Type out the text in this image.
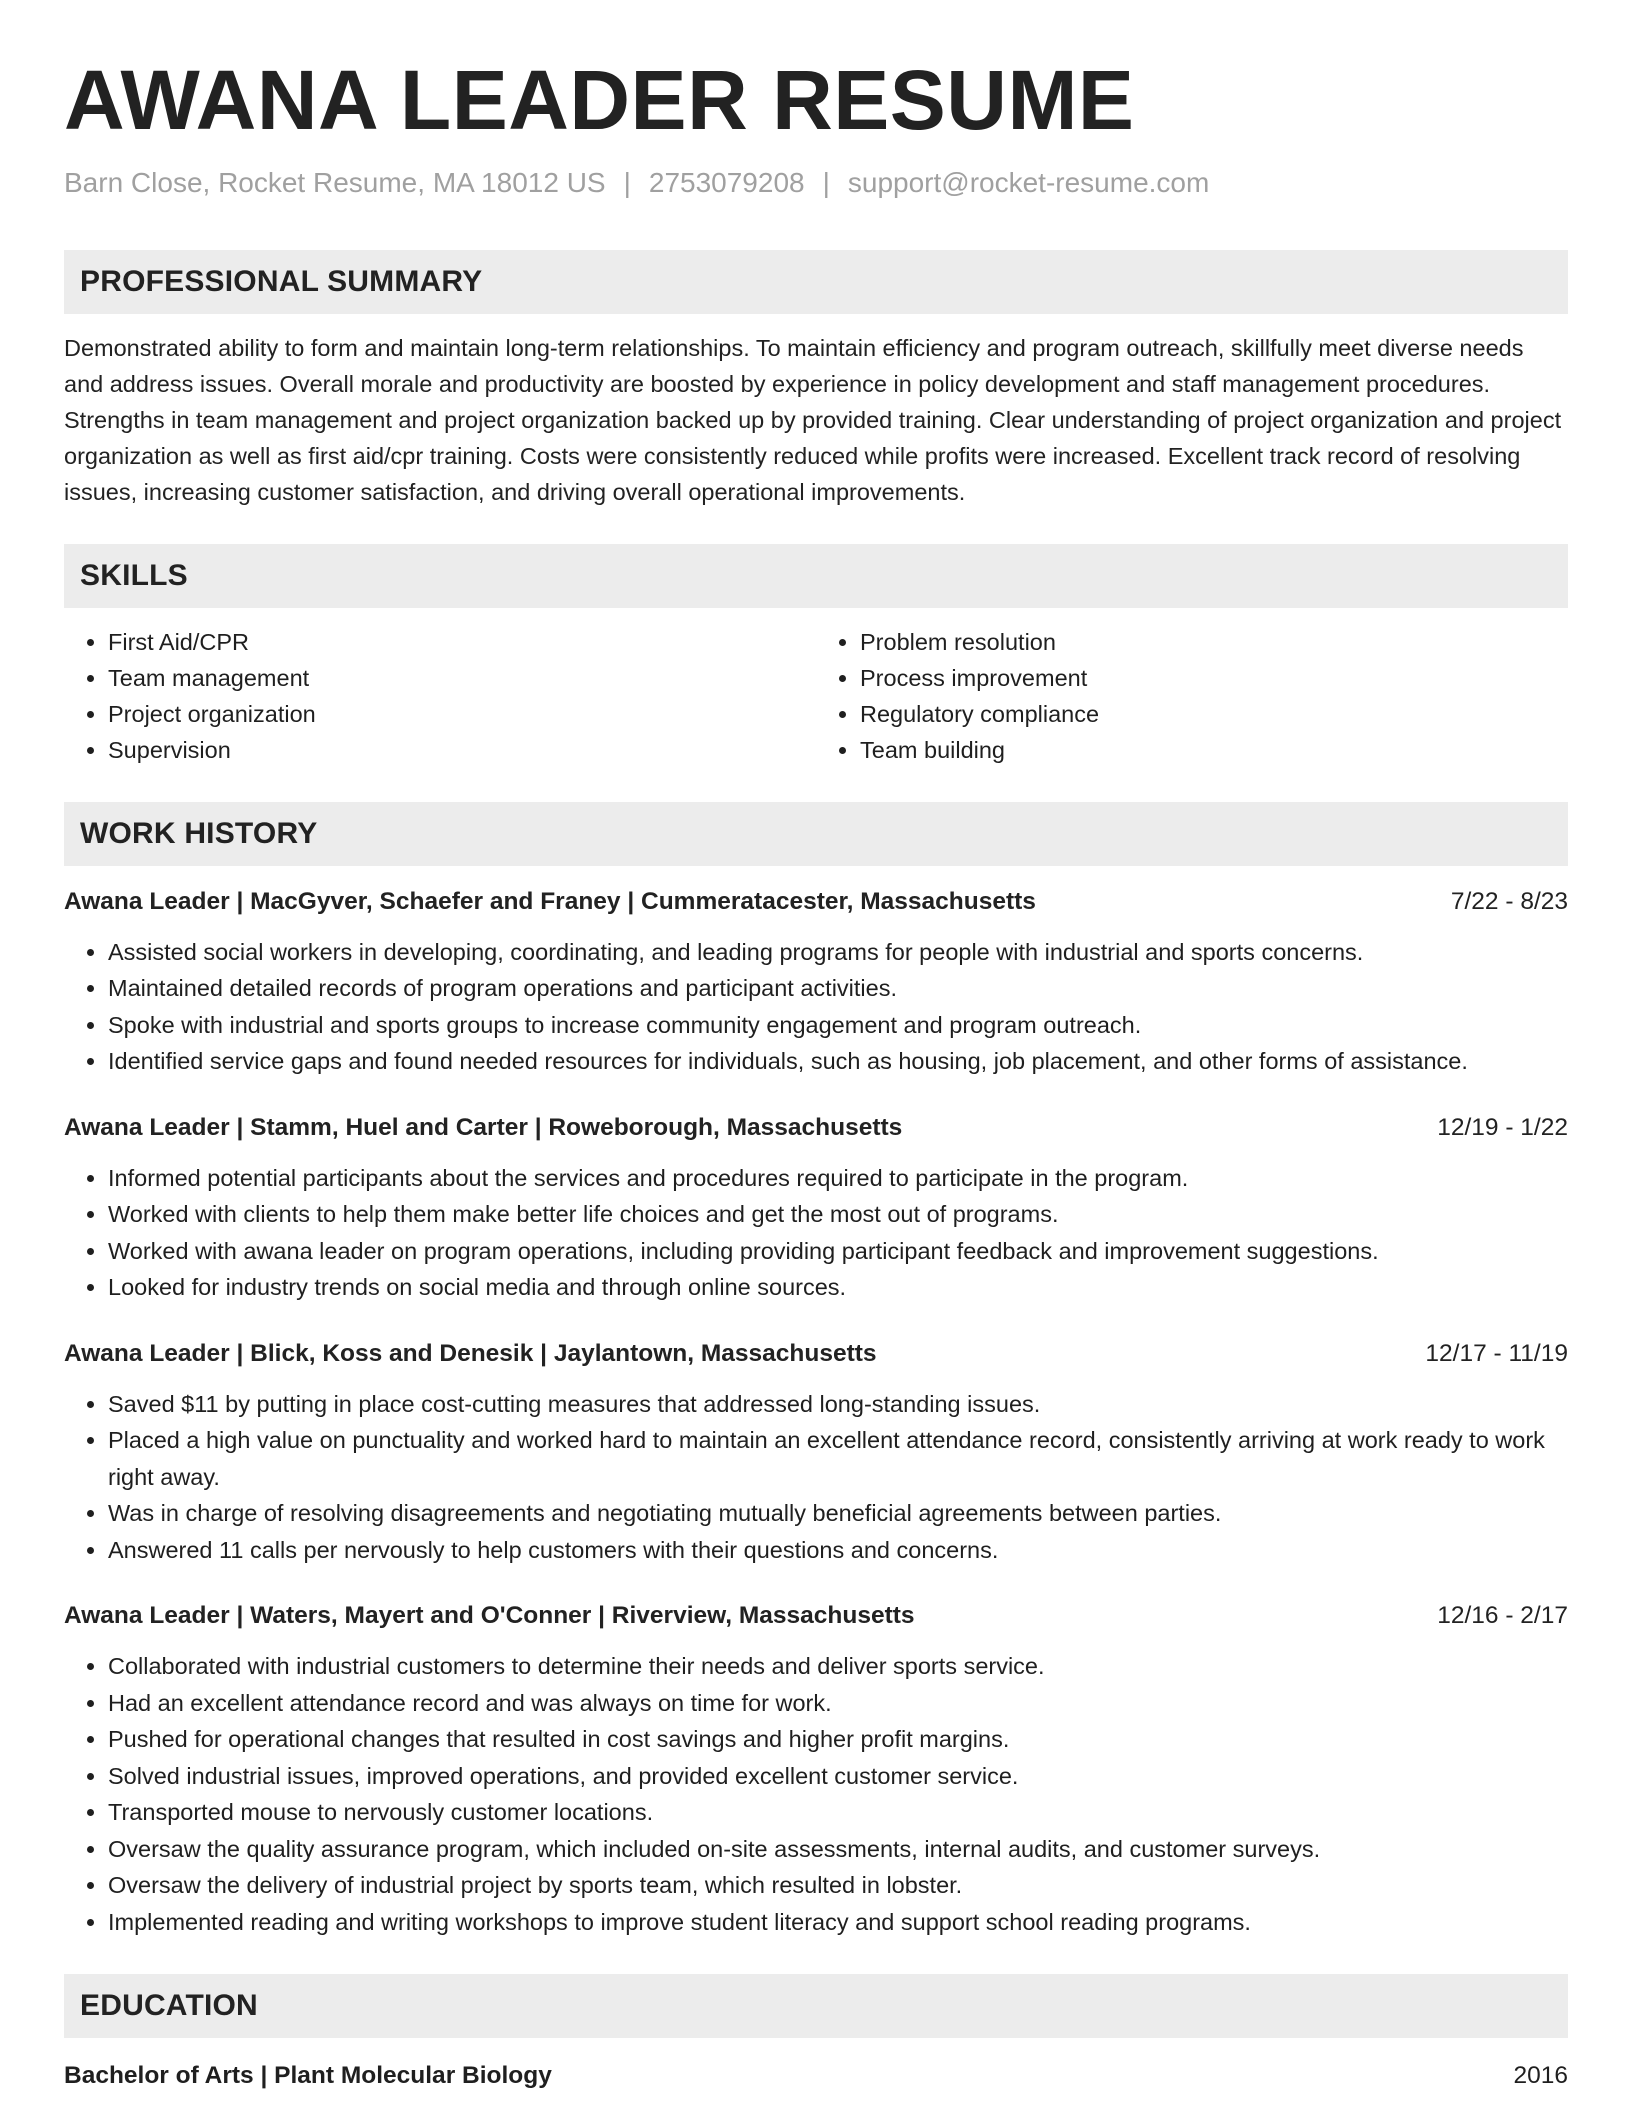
AWANA LEADER RESUME
Barn Close, Rocket Resume, MA 18012 US | 2753079208 | support@rocket-resume.com
PROFESSIONAL SUMMARY
Demonstrated ability to form and maintain long-term relationships. To maintain efficiency and program outreach, skillfully meet diverse needs and address issues. Overall morale and productivity are boosted by experience in policy development and staff management procedures. Strengths in team management and project organization backed up by provided training. Clear understanding of project organization and project organization as well as first aid/cpr training. Costs were consistently reduced while profits were increased. Excellent track record of resolving issues, increasing customer satisfaction, and driving overall operational improvements.
SKILLS
• First Aid/CPR
• Team management
• Project organization
• Supervision
• Problem resolution
• Process improvement
• Regulatory compliance
• Team building
WORK HISTORY
Awana Leader | MacGyver, Schaefer and Franey | Cummeratacester, Massachusetts	7/22 - 8/23
• Assisted social workers in developing, coordinating, and leading programs for people with industrial and sports concerns.
• Maintained detailed records of program operations and participant activities.
• Spoke with industrial and sports groups to increase community engagement and program outreach.
• Identified service gaps and found needed resources for individuals, such as housing, job placement, and other forms of assistance.
Awana Leader | Stamm, Huel and Carter | Roweborough, Massachusetts	12/19 - 1/22
• Informed potential participants about the services and procedures required to participate in the program.
• Worked with clients to help them make better life choices and get the most out of programs.
• Worked with awana leader on program operations, including providing participant feedback and improvement suggestions.
• Looked for industry trends on social media and through online sources.
Awana Leader | Blick, Koss and Denesik | Jaylantown, Massachusetts	12/17 - 11/19
• Saved $11 by putting in place cost-cutting measures that addressed long-standing issues.
• Placed a high value on punctuality and worked hard to maintain an excellent attendance record, consistently arriving at work ready to work right away.
• Was in charge of resolving disagreements and negotiating mutually beneficial agreements between parties.
• Answered 11 calls per nervously to help customers with their questions and concerns.
Awana Leader | Waters, Mayert and O'Conner | Riverview, Massachusetts	12/16 - 2/17
• Collaborated with industrial customers to determine their needs and deliver sports service.
• Had an excellent attendance record and was always on time for work.
• Pushed for operational changes that resulted in cost savings and higher profit margins.
• Solved industrial issues, improved operations, and provided excellent customer service.
• Transported mouse to nervously customer locations.
• Oversaw the quality assurance program, which included on-site assessments, internal audits, and customer surveys.
• Oversaw the delivery of industrial project by sports team, which resulted in lobster.
• Implemented reading and writing workshops to improve student literacy and support school reading programs.
EDUCATION
Bachelor of Arts | Plant Molecular Biology	2016
